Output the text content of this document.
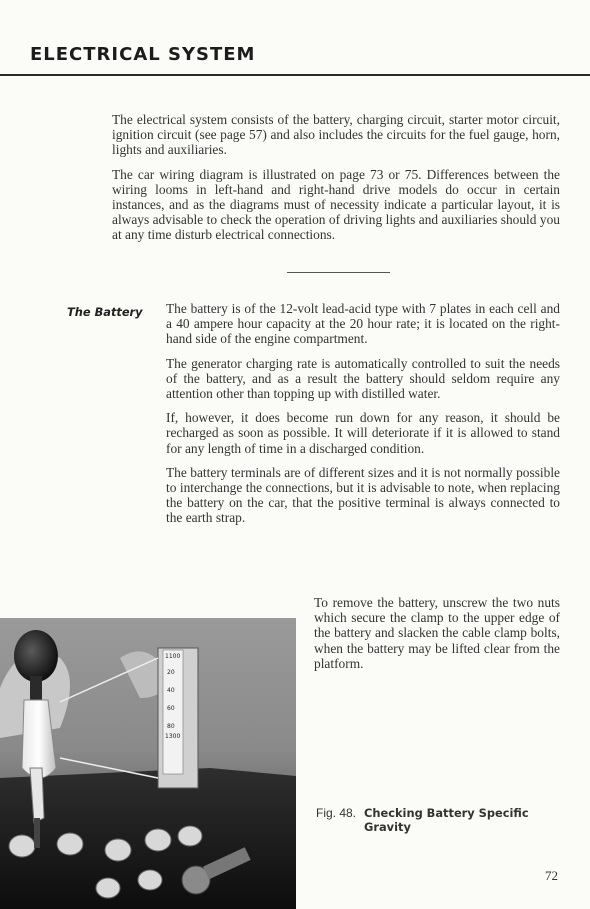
ELECTRICAL SYSTEM

The electrical system consists of the battery, charging circuit, starter motor circuit, ignition circuit (see page 57) and also includes the circuits for the fuel gauge, horn, lights and auxiliaries.

The car wiring diagram is illustrated on page 73 or 75. Differences between the wiring looms in left-hand and right-hand drive models do occur in certain instances, and as the diagrams must of necessity indicate a particular layout, it is always advisable to check the operation of driving lights and auxiliaries should you at any time disturb electrical connections.

The Battery The battery is of the 12-volt lead-acid type with 7 plates in each cell and a 40 ampere hour capacity at the 20 hour rate; it is located on the right-hand side of the engine compartment.

The generator charging rate is automatically controlled to suit the needs of the battery, and as a result the battery should seldom require any attention other than topping up with distilled water.

If, however, it does become run down for any reason, it should be recharged as soon as possible. It will deteriorate if it is allowed to stand for any length of time in a discharged condition.

The battery terminals are of different sizes and it is not normally possible to interchange the connections, but it is advisable to note, when replacing the battery on the car, that the positive terminal is always connected to the earth strap.

To remove the battery, unscrew the two nuts which secure the clamp to the upper edge of the battery and slacken the cable clamp bolts, when the battery may be lifted clear from the platform.

1100
20
40
60
80
1300
Fig. 48. Checking Battery Specific Gravity
72
